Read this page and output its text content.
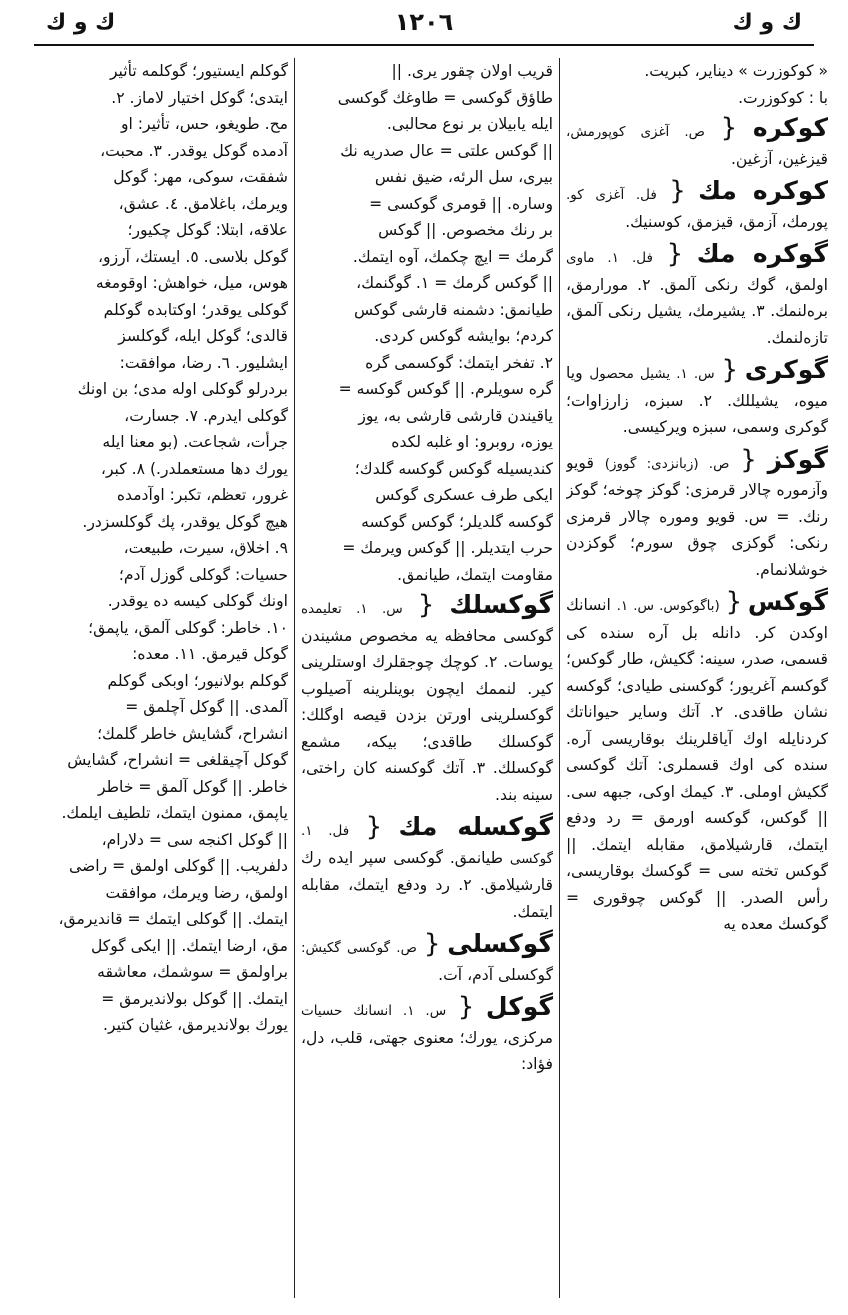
ك و ك
١٢٠٦
ك و ك

« كوكوزرت » ديناير، كبريت.

با : كوكوزرت.

كوكره { ص. آغزى كوپورمش، قيزغين، آزغين.
كوكره مك { فل. آغزى كو. پورمك، آزمق، قيزمق، كوسنيك.
گوكره مك { فل. ١. ماوى اولمق، گوك رنكى آلمق. ٢. مورارمق، برەلنمك. ٣. يشيرمك، يشيل رنكى آلمق، تازەلنمك.
گوكرى { س. ١. يشيل محصول ويا ميوه، يشيللك. ٢. سبزه، زارزاوات؛ گوكرى وسمى، سبزه ويركيسى.
گوكز { ص. (زبانزدى: گووز) قويو وآزموره چالار قرمزى: گوكز چوخه؛ گوكز رنك. = س. قويو وموره چالار قرمزى رنكى: گوكزى چوق سورم؛ گوكزدن خوشلانمام.
گوكس { (باگوكوس. س. ١. انسانك اوكدن كر. دانله بل آره سنده كى قسمى، صدر، سينه: گكيش، طار گوكس؛ گوكسم آغريور؛ گوكسنى طيادى؛ گوكسه نشان طاقدى. ٢. آتك وساير حيواناتك كردنايله اوك آياقلرينك بوقاريسى آره. سنده كى اوك قسملرى: آتك گوكسى گكيش اوملى. ٣. كيمك اوكى، جبهه سى. || گوكس، گوكسه اورمق = رد ودفع ايتمك، قارشيلامق، مقابله ايتمك. || گوكس تخته سى = گوكسك بوقاريسى، رأس الصدر. || گوكس چوقورى = گوكسك معده يه

قريب اولان چقور يرى. ||

طاؤق گوكسى = طاوغك گوكسى

ايله يابيلان بر نوع محالبى.

|| گوكس علتى = عال صدريه نك

بيرى، سل الرئه، ضيق نفس

وساره. || قومرى گوكسى =

بر رنك مخصوص. || گوكس

گرمك = ايچ چكمك، آوه ايتمك.

|| گوكس گرمك = ١. گوگنمك،

طيانمق: دشمنه قارشى گوكس

كردم؛ بوايشه گوكس كردى.

٢. تفخر ايتمك: گوكسمى گره

گره سويلرم. || گوكس گوكسه =

ياقيندن قارشى قارشى به، يوز

يوزه، روبرو: او غلبه لكده

كنديسيله گوكس گوكسه گلدك؛

ايكى طرف عسكرى گوكس

گوكسه گلديلر؛ گوكس گوكسه

حرب ايتديلر. || گوكس ويرمك =

مقاومت ايتمك، طيانمق.

گوكسلك { س. ١. تعليمده گوكسى محافظه يه مخصوص مشيندن يوسات. ٢. كوچك چوجقلرك اوستلرينى كير. لنممك ايچون بوينلرينه آصيلوب گوكسلرينى اورتن بزدن قيصه اوگلك: گوكسلك طاقدى؛ بيكه، مشمع گوكسلك. ٣. آتك گوكسنه كان راختى، سينه بند.
گوكسله مك { فل. ١. گوكسى طيانمق. گوكسى سپر ايده رك قارشيلامق. ٢. رد ودفع ايتمك، مقابله ايتمك.
گوكسلى { ص. گوكسى گكيش: گوكسلى آدم، آت.
گوكل { س. ١. انسانك حسيات مركزى، يورك؛ معنوى جهتى، قلب، دل، فؤاد:

گوكلم ايستيور؛ گوكلمه تأثير

ايتدى؛ گوكل اختيار لاماز. ٢.

مح. طويغو، حس، تأثير: او

آدمده گوكل يوقدر. ٣. محبت،

شفقت، سوكى، مهر: گوكل

ويرمك، باغلامق. ٤. عشق،

علاقه، ابتلا: گوكل چكيور؛

گوكل بلاسى. ٥. ايستك، آرزو،

هوس، ميل، خواهش: اوقومغه

گوكلى يوقدر؛ اوكتابده گوكلم

قالدى؛ گوكل ايله، گوكلسز

ايشليور. ٦. رضا، موافقت:

بردرلو گوكلى اوله مدى؛ بن اونك

گوكلى ايدرم. ٧. جسارت،

جرأت، شجاعت. (بو معنا ايله

يورك دها مستعملدر.) ٨. كبر،

غرور، تعظم، تكبر: اوآدمده

هيچ گوكل يوقدر، پك گوكلسزدر.

٩. اخلاق، سيرت، طبيعت،

حسيات: گوكلى گوزل آدم؛

اونك گوكلى كيسه ده يوقدر.

١٠. خاطر: گوكلى آلمق، ياپمق؛

گوكل قيرمق. ١١. معده:

گوكلم بولانيور؛ اوبكى گوكلم

آلمدى. || گوكل آچلمق =

انشراح، گشايش خاطر گلمك؛

گوكل آچيقلغى = انشراح، گشايش

خاطر. || گوكل آلمق = خاطر

ياپمق، ممنون ايتمك، تلطيف ايلمك.

|| گوكل اكنجه سى = دلارام،

دلفريب. || گوكلى اولمق = راضى

اولمق، رضا ويرمك، موافقت

ايتمك. || گوكلى ايتمك = قانديرمق،

مق، ارضا ايتمك. || ايكى گوكل

براولمق = سوشمك، معاشقه

ايتمك. || گوكل بولانديرمق =

يورك بولانديرمق، غثيان كتير.
